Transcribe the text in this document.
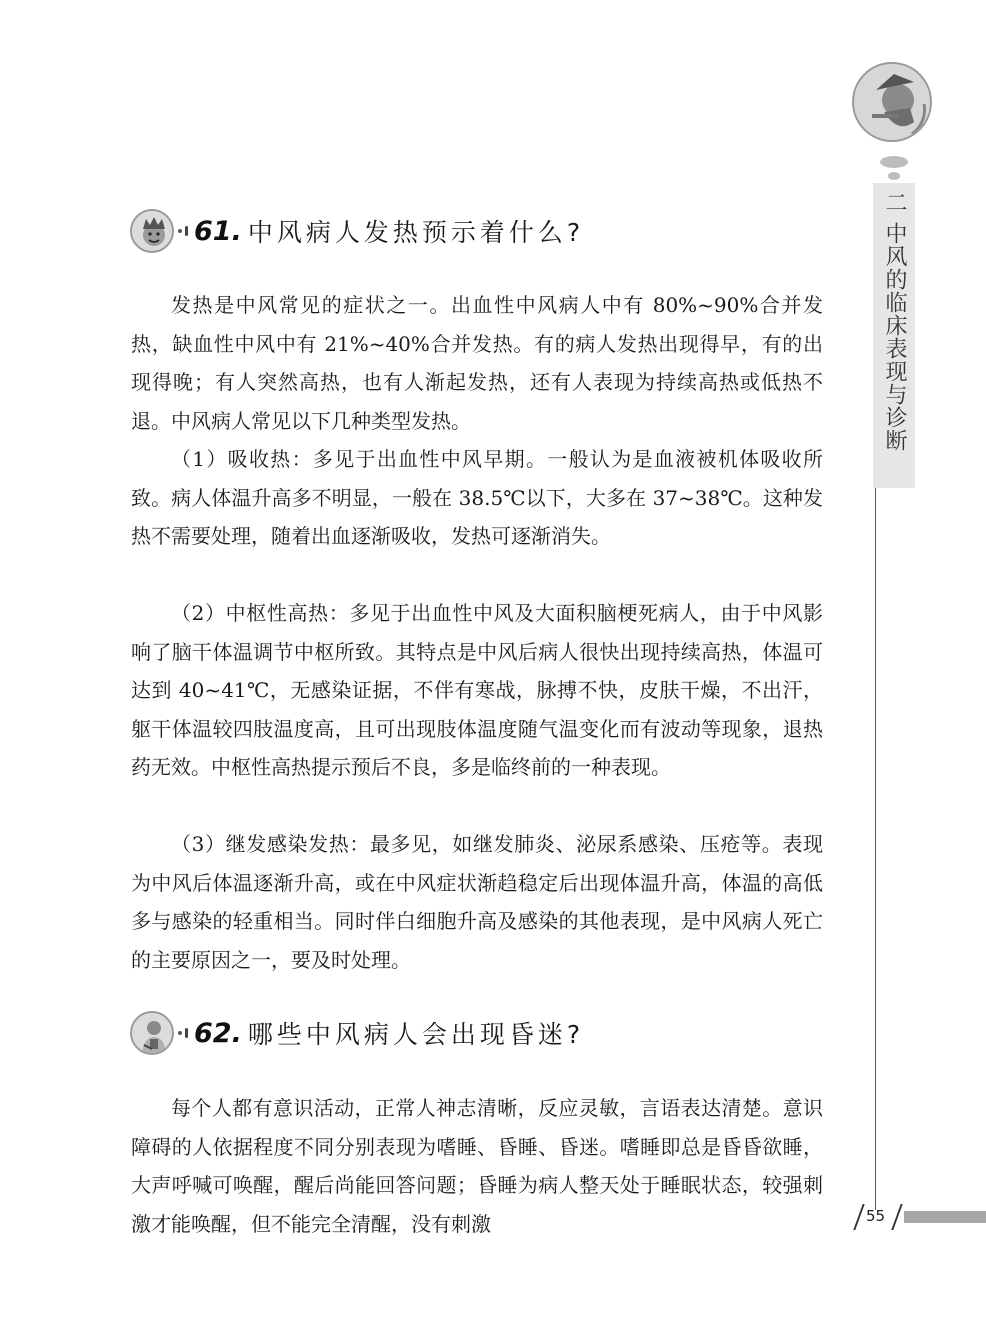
二 中风的临床表现与诊断
55
61. 中风病人发热预示着什么?

发热是中风常见的症状之一。出血性中风病人中有 80%~90%合并发热，缺血性中风中有 21%~40%合并发热。有的病人发热出现得早，有的出现得晚；有人突然高热，也有人渐起发热，还有人表现为持续高热或低热不退。中风病人常见以下几种类型发热。

（1）吸收热：多见于出血性中风早期。一般认为是血液被机体吸收所致。病人体温升高多不明显，一般在 38.5℃以下，大多在 37~38℃。这种发热不需要处理，随着出血逐渐吸收，发热可逐渐消失。

（2）中枢性高热：多见于出血性中风及大面积脑梗死病人，由于中风影响了脑干体温调节中枢所致。其特点是中风后病人很快出现持续高热，体温可达到 40~41℃，无感染证据，不伴有寒战，脉搏不快，皮肤干燥，不出汗，躯干体温较四肢温度高，且可出现肢体温度随气温变化而有波动等现象，退热药无效。中枢性高热提示预后不良，多是临终前的一种表现。

（3）继发感染发热：最多见，如继发肺炎、泌尿系感染、压疮等。表现为中风后体温逐渐升高，或在中风症状渐趋稳定后出现体温升高，体温的高低多与感染的轻重相当。同时伴白细胞升高及感染的其他表现，是中风病人死亡的主要原因之一，要及时处理。

62. 哪些中风病人会出现昏迷?

每个人都有意识活动，正常人神志清晰，反应灵敏，言语表达清楚。意识障碍的人依据程度不同分别表现为嗜睡、昏睡、昏迷。嗜睡即总是昏昏欲睡，大声呼喊可唤醒，醒后尚能回答问题；昏睡为病人整天处于睡眠状态，较强刺激才能唤醒，但不能完全清醒，没有刺激
